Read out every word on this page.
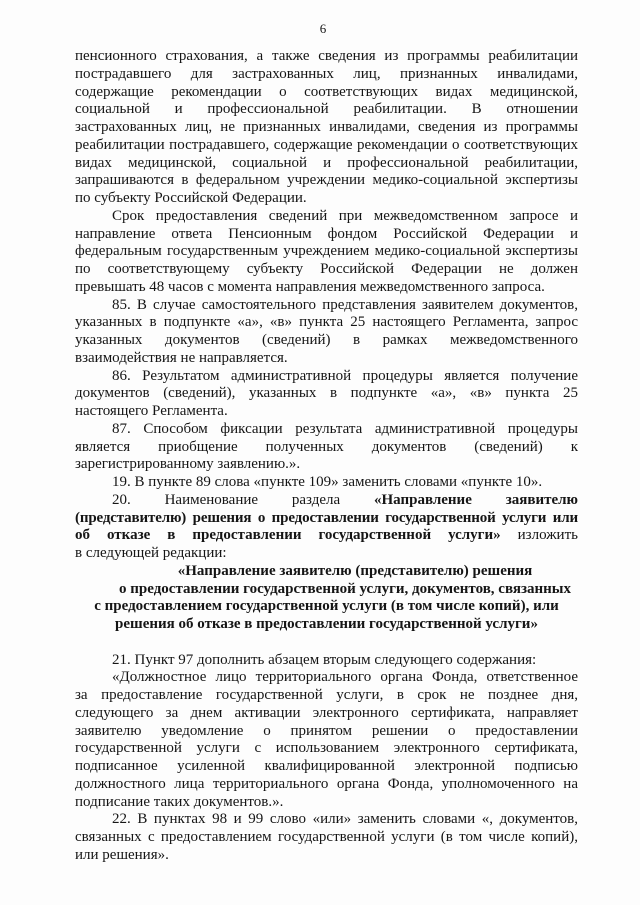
6
пенсионного страхования, а также сведения из программы реабилитации
пострадавшего для застрахованных лиц, признанных инвалидами,
содержащие рекомендации о соответствующих видах медицинской,
социальной и профессиональной реабилитации. В отношении
застрахованных лиц, не признанных инвалидами, сведения из программы
реабилитации пострадавшего, содержащие рекомендации о соответствующих
видах медицинской, социальной и профессиональной реабилитации,
запрашиваются в федеральном учреждении медико-социальной экспертизы
по субъекту Российской Федерации.
Срок предоставления сведений при межведомственном запросе и
направление ответа Пенсионным фондом Российской Федерации и
федеральным государственным учреждением медико-социальной экспертизы
по соответствующему субъекту Российской Федерации не должен
превышать 48 часов с момента направления межведомственного запроса.
85. В случае самостоятельного представления заявителем документов,
указанных в подпункте «а», «в» пункта 25 настоящего Регламента, запрос
указанных документов (сведений) в рамках межведомственного
взаимодействия не направляется.
86. Результатом административной процедуры является получение
документов (сведений), указанных в подпункте «а», «в» пункта 25
настоящего Регламента.
87. Способом фиксации результата административной процедуры
является приобщение полученных документов (сведений) к
зарегистрированному заявлению.».
19. В пункте 89 слова «пункте 109» заменить словами «пункте 10».
20. Наименование раздела «Направление заявителю
(представителю) решения о предоставлении государственной услуги или
об отказе в предоставлении государственной услуги» изложить
в следующей редакции:
«Направление заявителю (представителю) решения
о предоставлении государственной услуги, документов, связанных
с предоставлением государственной услуги (в том числе копий), или
решения об отказе в предоставлении государственной услуги»
21. Пункт 97 дополнить абзацем вторым следующего содержания:
«Должностное лицо территориального органа Фонда, ответственное
за предоставление государственной услуги, в срок не позднее дня,
следующего за днем активации электронного сертификата, направляет
заявителю уведомление о принятом решении о предоставлении
государственной услуги с использованием электронного сертификата,
подписанное усиленной квалифицированной электронной подписью
должностного лица территориального органа Фонда, уполномоченного на
подписание таких документов.».
22. В пунктах 98 и 99 слово «или» заменить словами «, документов,
связанных с предоставлением государственной услуги (в том числе копий),
или решения».
